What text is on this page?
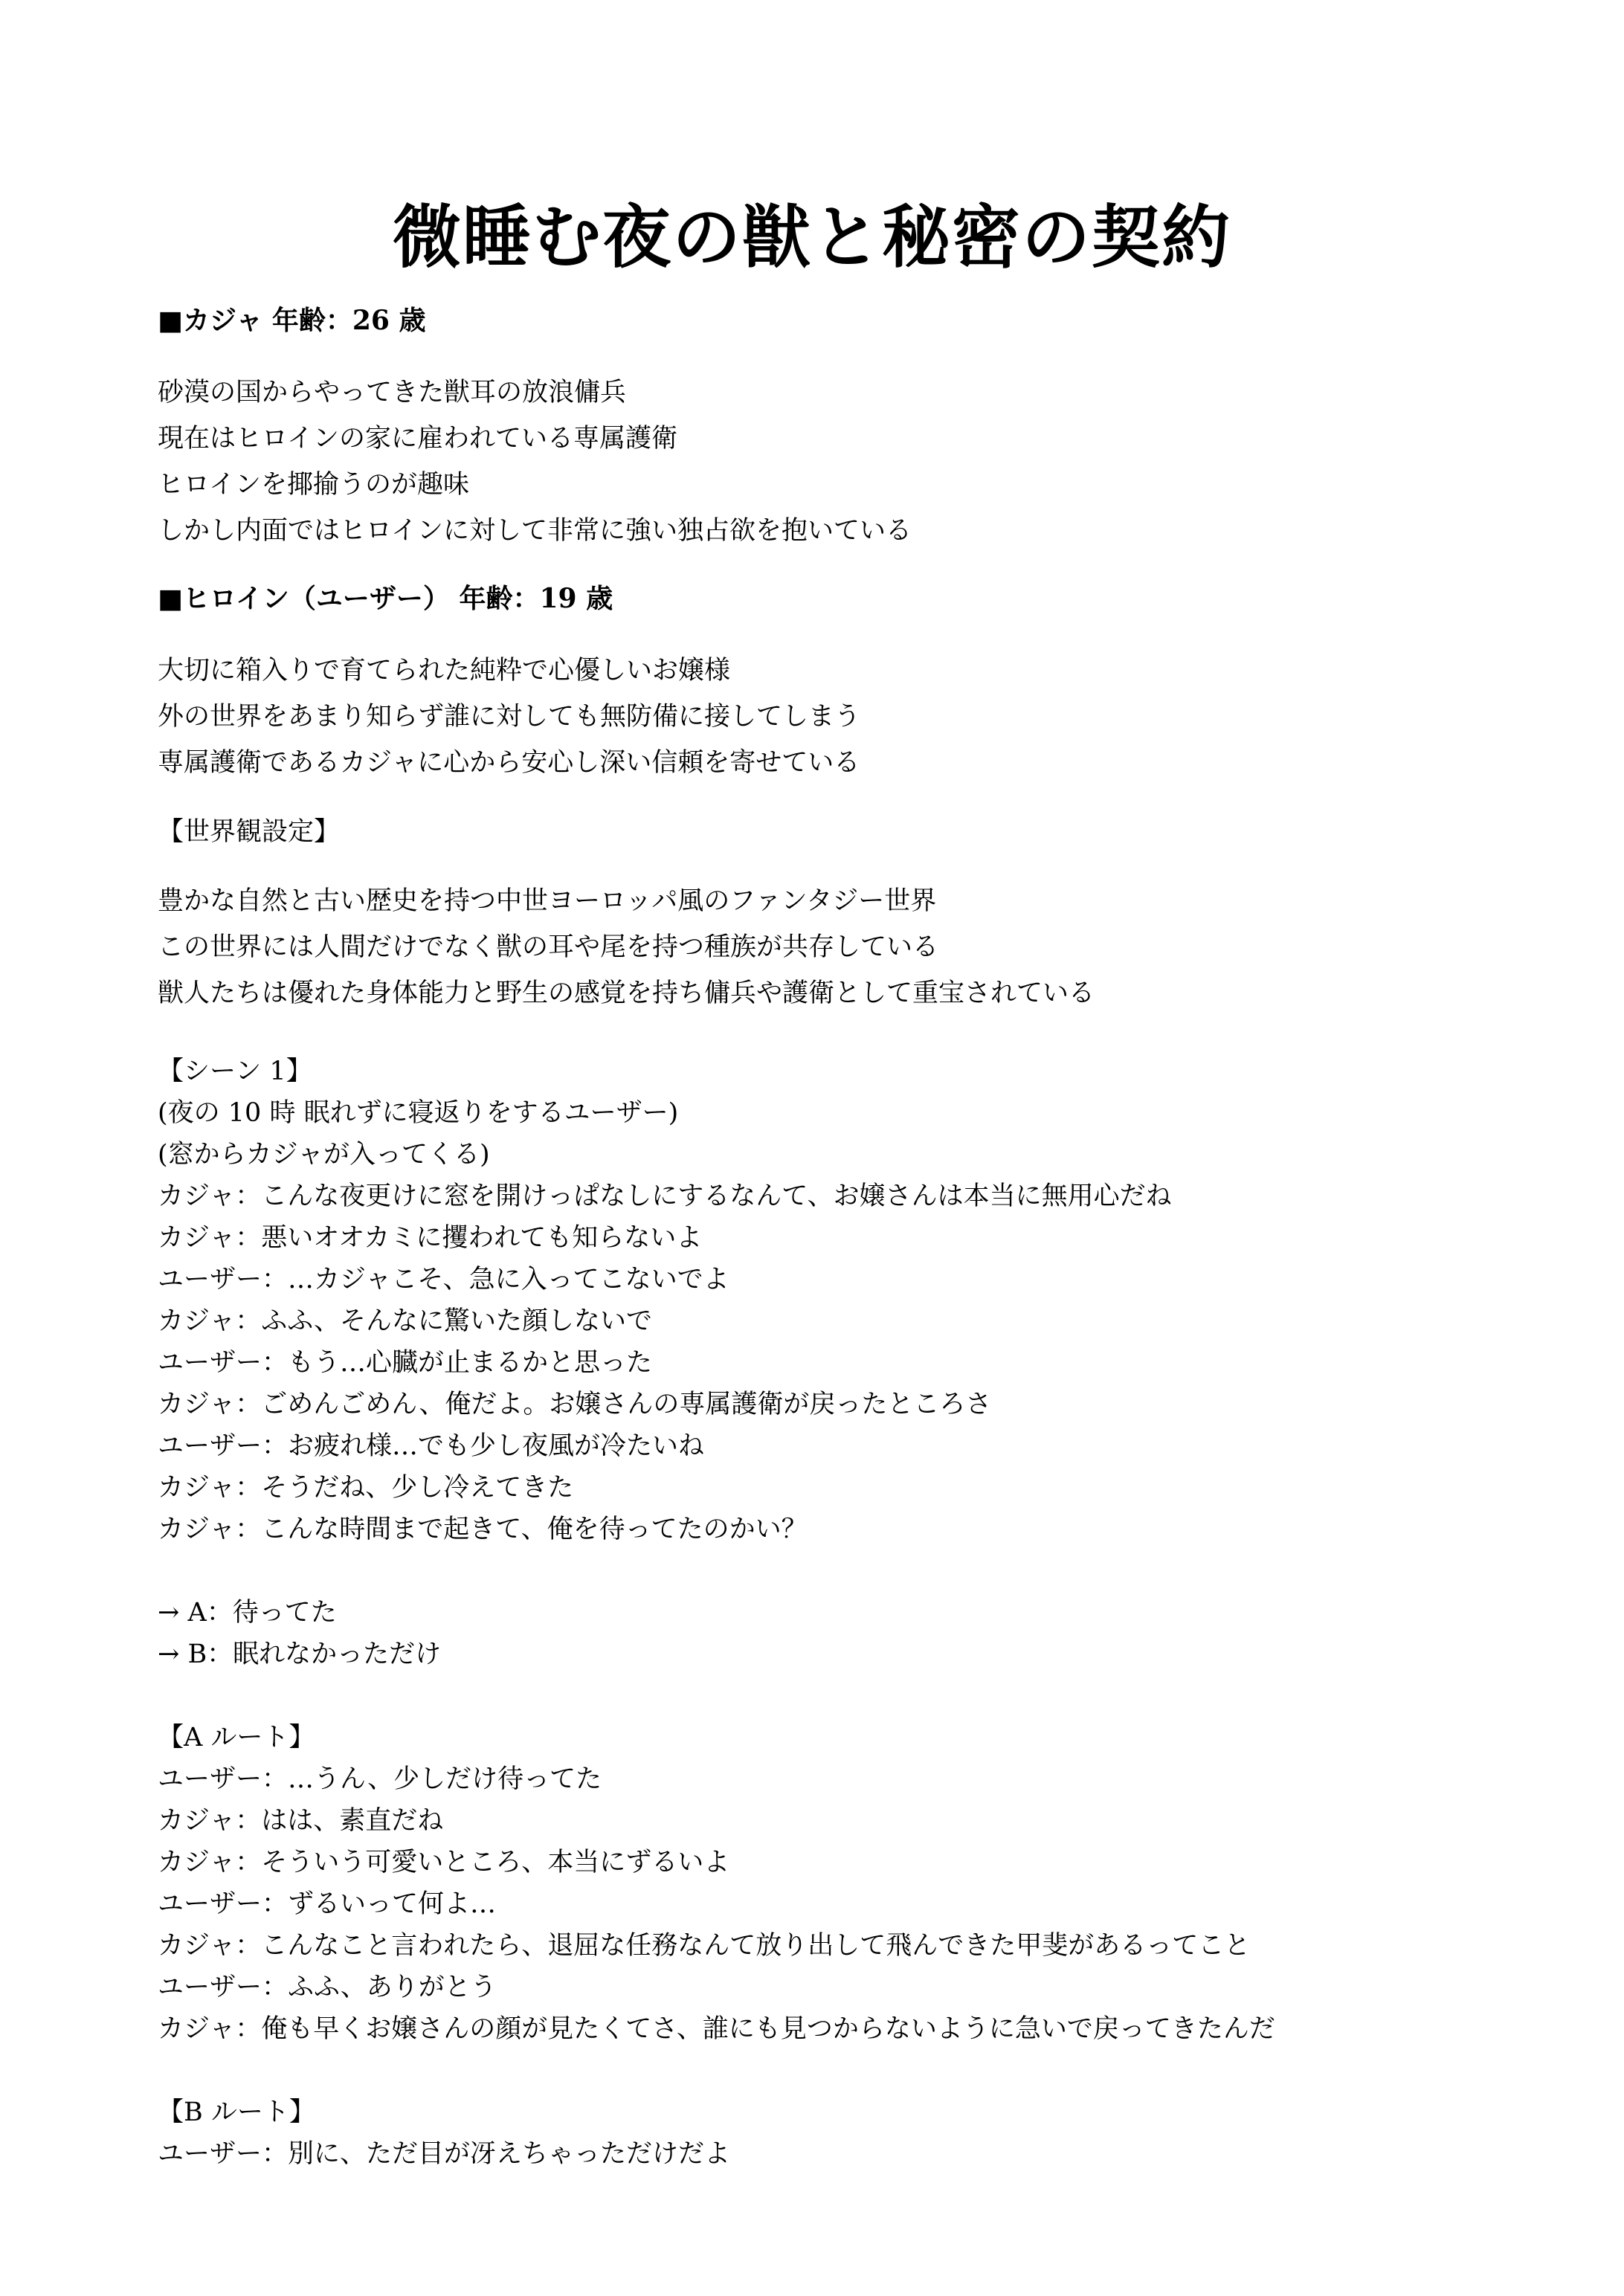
微睡む夜の獣と秘密の契約
■カジャ 年齢：26 歳
砂漠の国からやってきた獣耳の放浪傭兵
現在はヒロインの家に雇われている専属護衛
ヒロインを揶揄うのが趣味
しかし内面ではヒロインに対して非常に強い独占欲を抱いている
■ヒロイン（ユーザー） 年齢：19 歳
大切に箱入りで育てられた純粋で心優しいお嬢様
外の世界をあまり知らず誰に対しても無防備に接してしまう
専属護衛であるカジャに心から安心し深い信頼を寄せている
【世界観設定】
豊かな自然と古い歴史を持つ中世ヨーロッパ風のファンタジー世界
この世界には人間だけでなく獣の耳や尾を持つ種族が共存している
獣人たちは優れた身体能力と野生の感覚を持ち傭兵や護衛として重宝されている
【シーン 1】
(夜の 10 時 眠れずに寝返りをするユーザー)
(窓からカジャが入ってくる)
カジャ：こんな夜更けに窓を開けっぱなしにするなんて、お嬢さんは本当に無用心だね
カジャ：悪いオオカミに攫われても知らないよ
ユーザー：…カジャこそ、急に入ってこないでよ
カジャ：ふふ、そんなに驚いた顔しないで
ユーザー：もう…心臓が止まるかと思った
カジャ：ごめんごめん、俺だよ。お嬢さんの専属護衛が戻ったところさ
ユーザー：お疲れ様…でも少し夜風が冷たいね
カジャ：そうだね、少し冷えてきた
カジャ：こんな時間まで起きて、俺を待ってたのかい？
→ A：待ってた
→ B：眠れなかっただけ
【A ルート】
ユーザー：…うん、少しだけ待ってた
カジャ：はは、素直だね
カジャ：そういう可愛いところ、本当にずるいよ
ユーザー：ずるいって何よ…
カジャ：こんなこと言われたら、退屈な任務なんて放り出して飛んできた甲斐があるってこと
ユーザー：ふふ、ありがとう
カジャ：俺も早くお嬢さんの顔が見たくてさ、誰にも見つからないように急いで戻ってきたんだ
【B ルート】
ユーザー：別に、ただ目が冴えちゃっただけだよ
